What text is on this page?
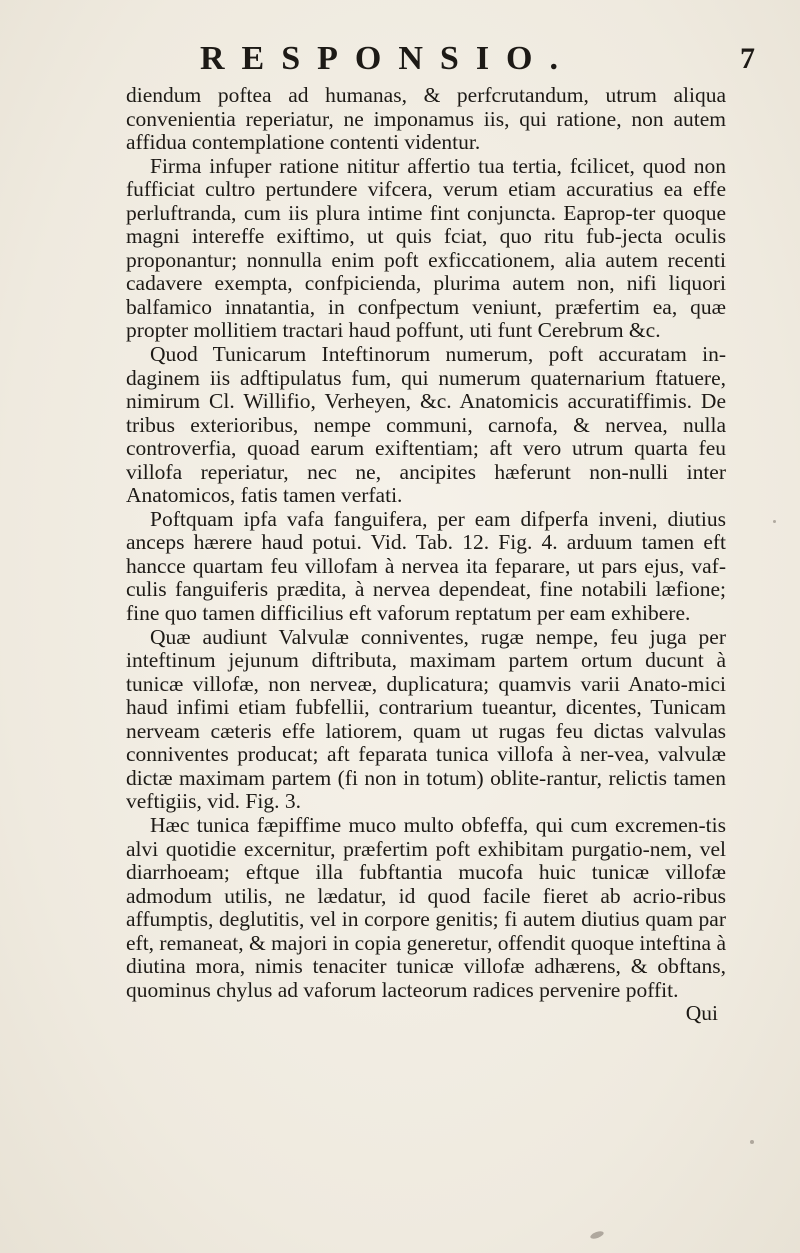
RESPONSIO.	7

diendum poftea ad humanas, & perfcrutandum, utrum aliqua convenientia reperiatur, ne imponamus iis, qui ratione, non autem affidua contemplatione contenti videntur.

Firma infuper ratione nititur affertio tua tertia, fcilicet, quod non fufficiat cultro pertundere vifcera, verum etiam accuratius ea effe perluftranda, cum iis plura intime fint conjuncta. Eaprop-ter quoque magni intereffe exiftimo, ut quis fciat, quo ritu fub-jecta oculis proponantur; nonnulla enim poft exficcationem, alia autem recenti cadavere exempta, confpicienda, plurima autem non, nifi liquori balfamico innatantia, in confpectum veniunt, præfertim ea, quæ propter mollitiem tractari haud poffunt, uti funt Cerebrum &c.

Quod Tunicarum Inteftinorum numerum, poft accuratam in-daginem iis adftipulatus fum, qui numerum quaternarium ftatuere, nimirum Cl. Willifio, Verheyen, &c. Anatomicis accuratiffimis. De tribus exterioribus, nempe communi, carnofa, & nervea, nulla controverfia, quoad earum exiftentiam; aft vero utrum quarta feu villofa reperiatur, nec ne, ancipites hæferunt non-nulli inter Anatomicos, fatis tamen verfati.

Poftquam ipfa vafa fanguifera, per eam difperfa inveni, diutius anceps hærere haud potui. Vid. Tab. 12. Fig. 4. arduum tamen eft hancce quartam feu villofam à nervea ita feparare, ut pars ejus, vaf-culis fanguiferis prædita, à nervea dependeat, fine notabili læfione; fine quo tamen difficilius eft vaforum reptatum per eam exhibere.

Quæ audiunt Valvulæ conniventes, rugæ nempe, feu juga per inteftinum jejunum diftributa, maximam partem ortum ducunt à tunicæ villofæ, non nerveæ, duplicatura; quamvis varii Anato-mici haud infimi etiam fubfellii, contrarium tueantur, dicentes, Tunicam nerveam cæteris effe latiorem, quam ut rugas feu dictas valvulas conniventes producat; aft feparata tunica villofa à ner-vea, valvulæ dictæ maximam partem (fi non in totum) oblite-rantur, relictis tamen veftigiis, vid. Fig. 3.

Hæc tunica fæpiffime muco multo obfeffa, qui cum excremen-tis alvi quotidie excernitur, præfertim poft exhibitam purgatio-nem, vel diarrhoeam; eftque illa fubftantia mucofa huic tunicæ villofæ admodum utilis, ne lædatur, id quod facile fieret ab acrio-ribus affumptis, deglutitis, vel in corpore genitis; fi autem diutius quam par eft, remaneat, & majori in copia generetur, offendit quoque inteftina à diutina mora, nimis tenaciter tunicæ villofæ adhærens, & obftans, quominus chylus ad vaforum lacteorum radices pervenire poffit.

Qui
